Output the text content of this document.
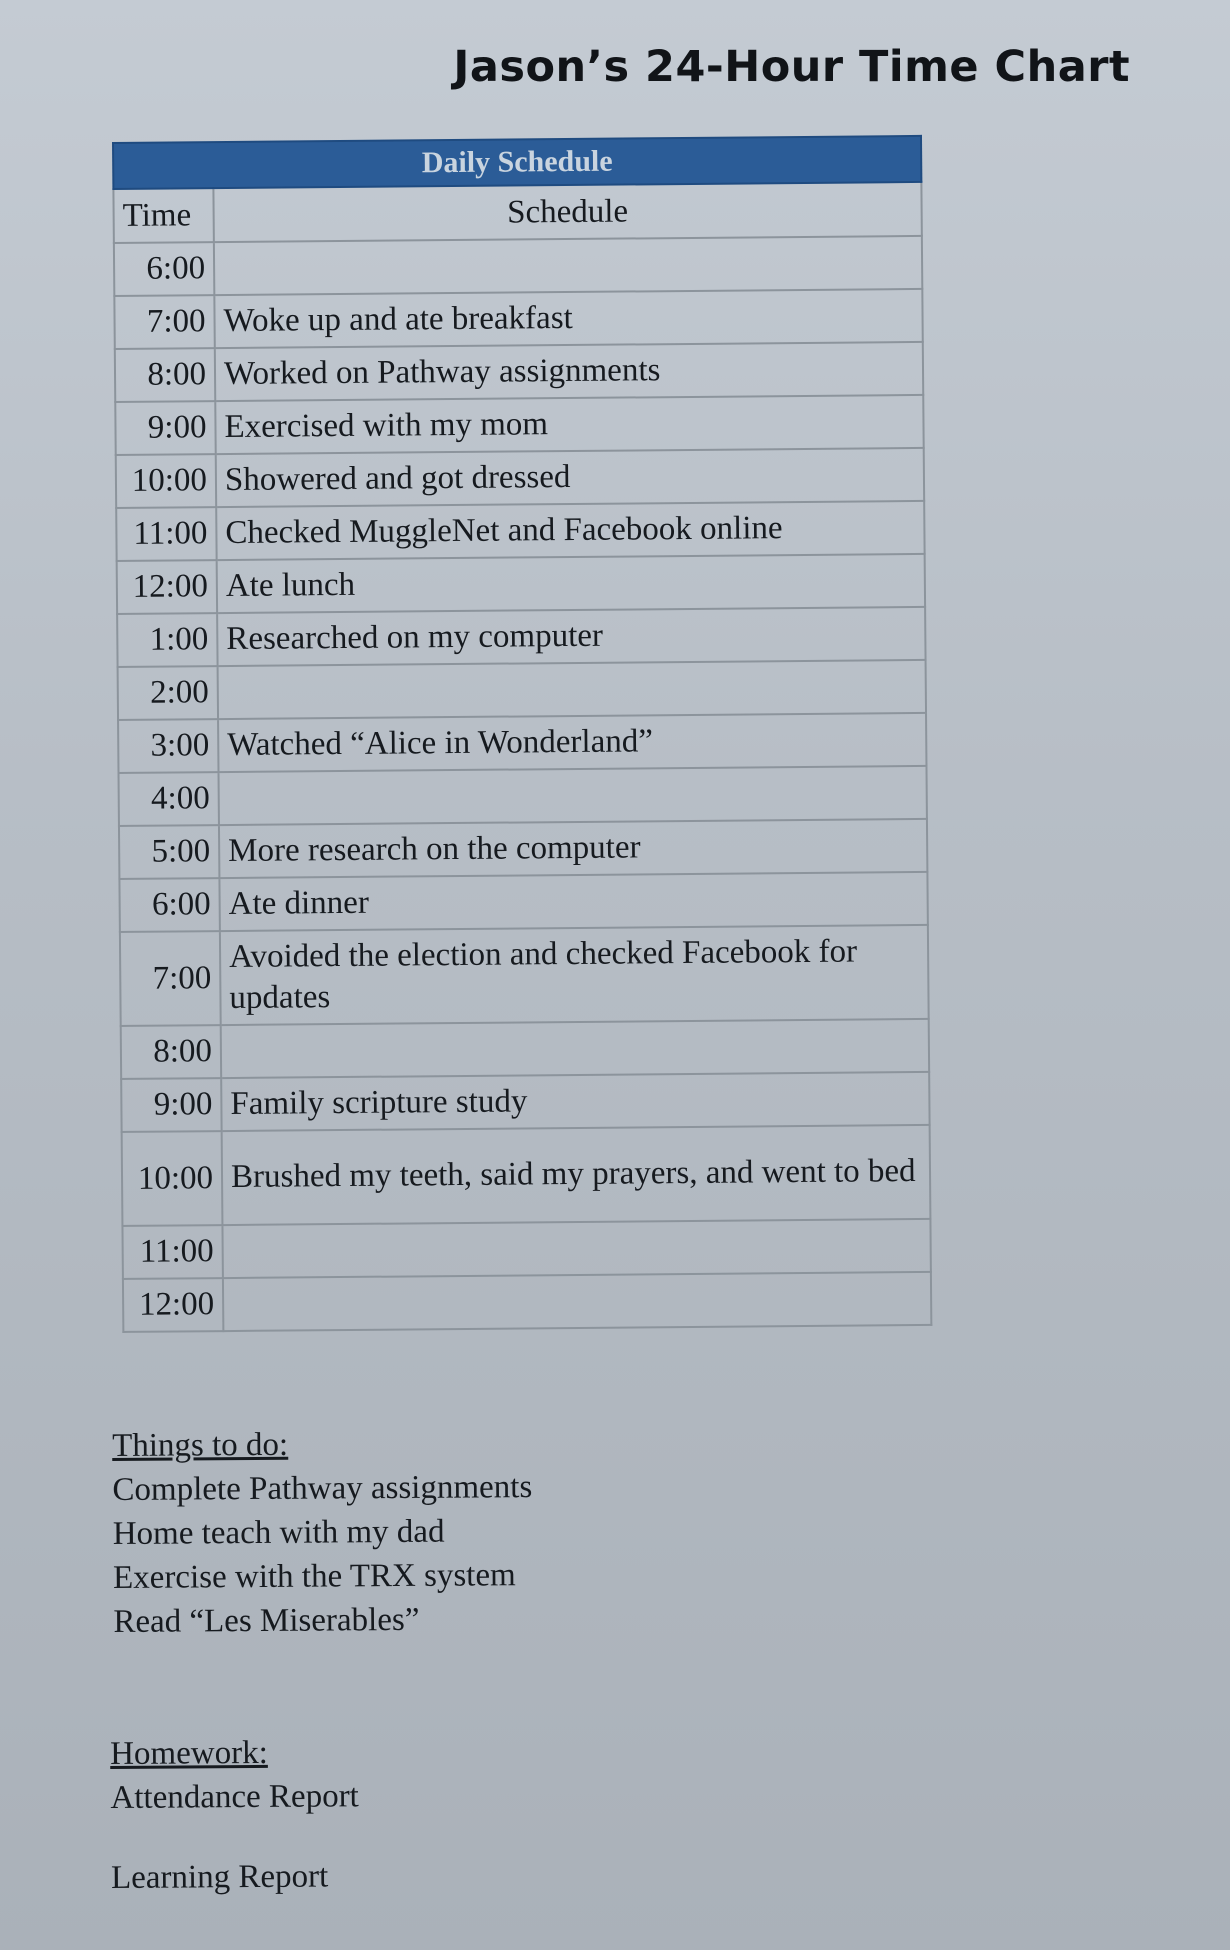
Jason’s 24-Hour Time Chart
Daily Schedule	
Time	Schedule
6:00	
7:00	Woke up and ate breakfast
8:00	Worked on Pathway assignments
9:00	Exercised with my mom
10:00	Showered and got dressed
11:00	Checked MuggleNet and Facebook online
12:00	Ate lunch
1:00	Researched on my computer
2:00	
3:00	Watched “Alice in Wonderland”
4:00	
5:00	More research on the computer
6:00	Ate dinner
7:00	Avoided the election and checked Facebook for updates
8:00	
9:00	Family scripture study
10:00	Brushed my teeth, said my prayers, and went to bed
11:00	
12:00	
Things to do:
Complete Pathway assignments
Home teach with my dad
Exercise with the TRX system
Read “Les Miserables”
Homework:
Attendance Report
Learning Report
